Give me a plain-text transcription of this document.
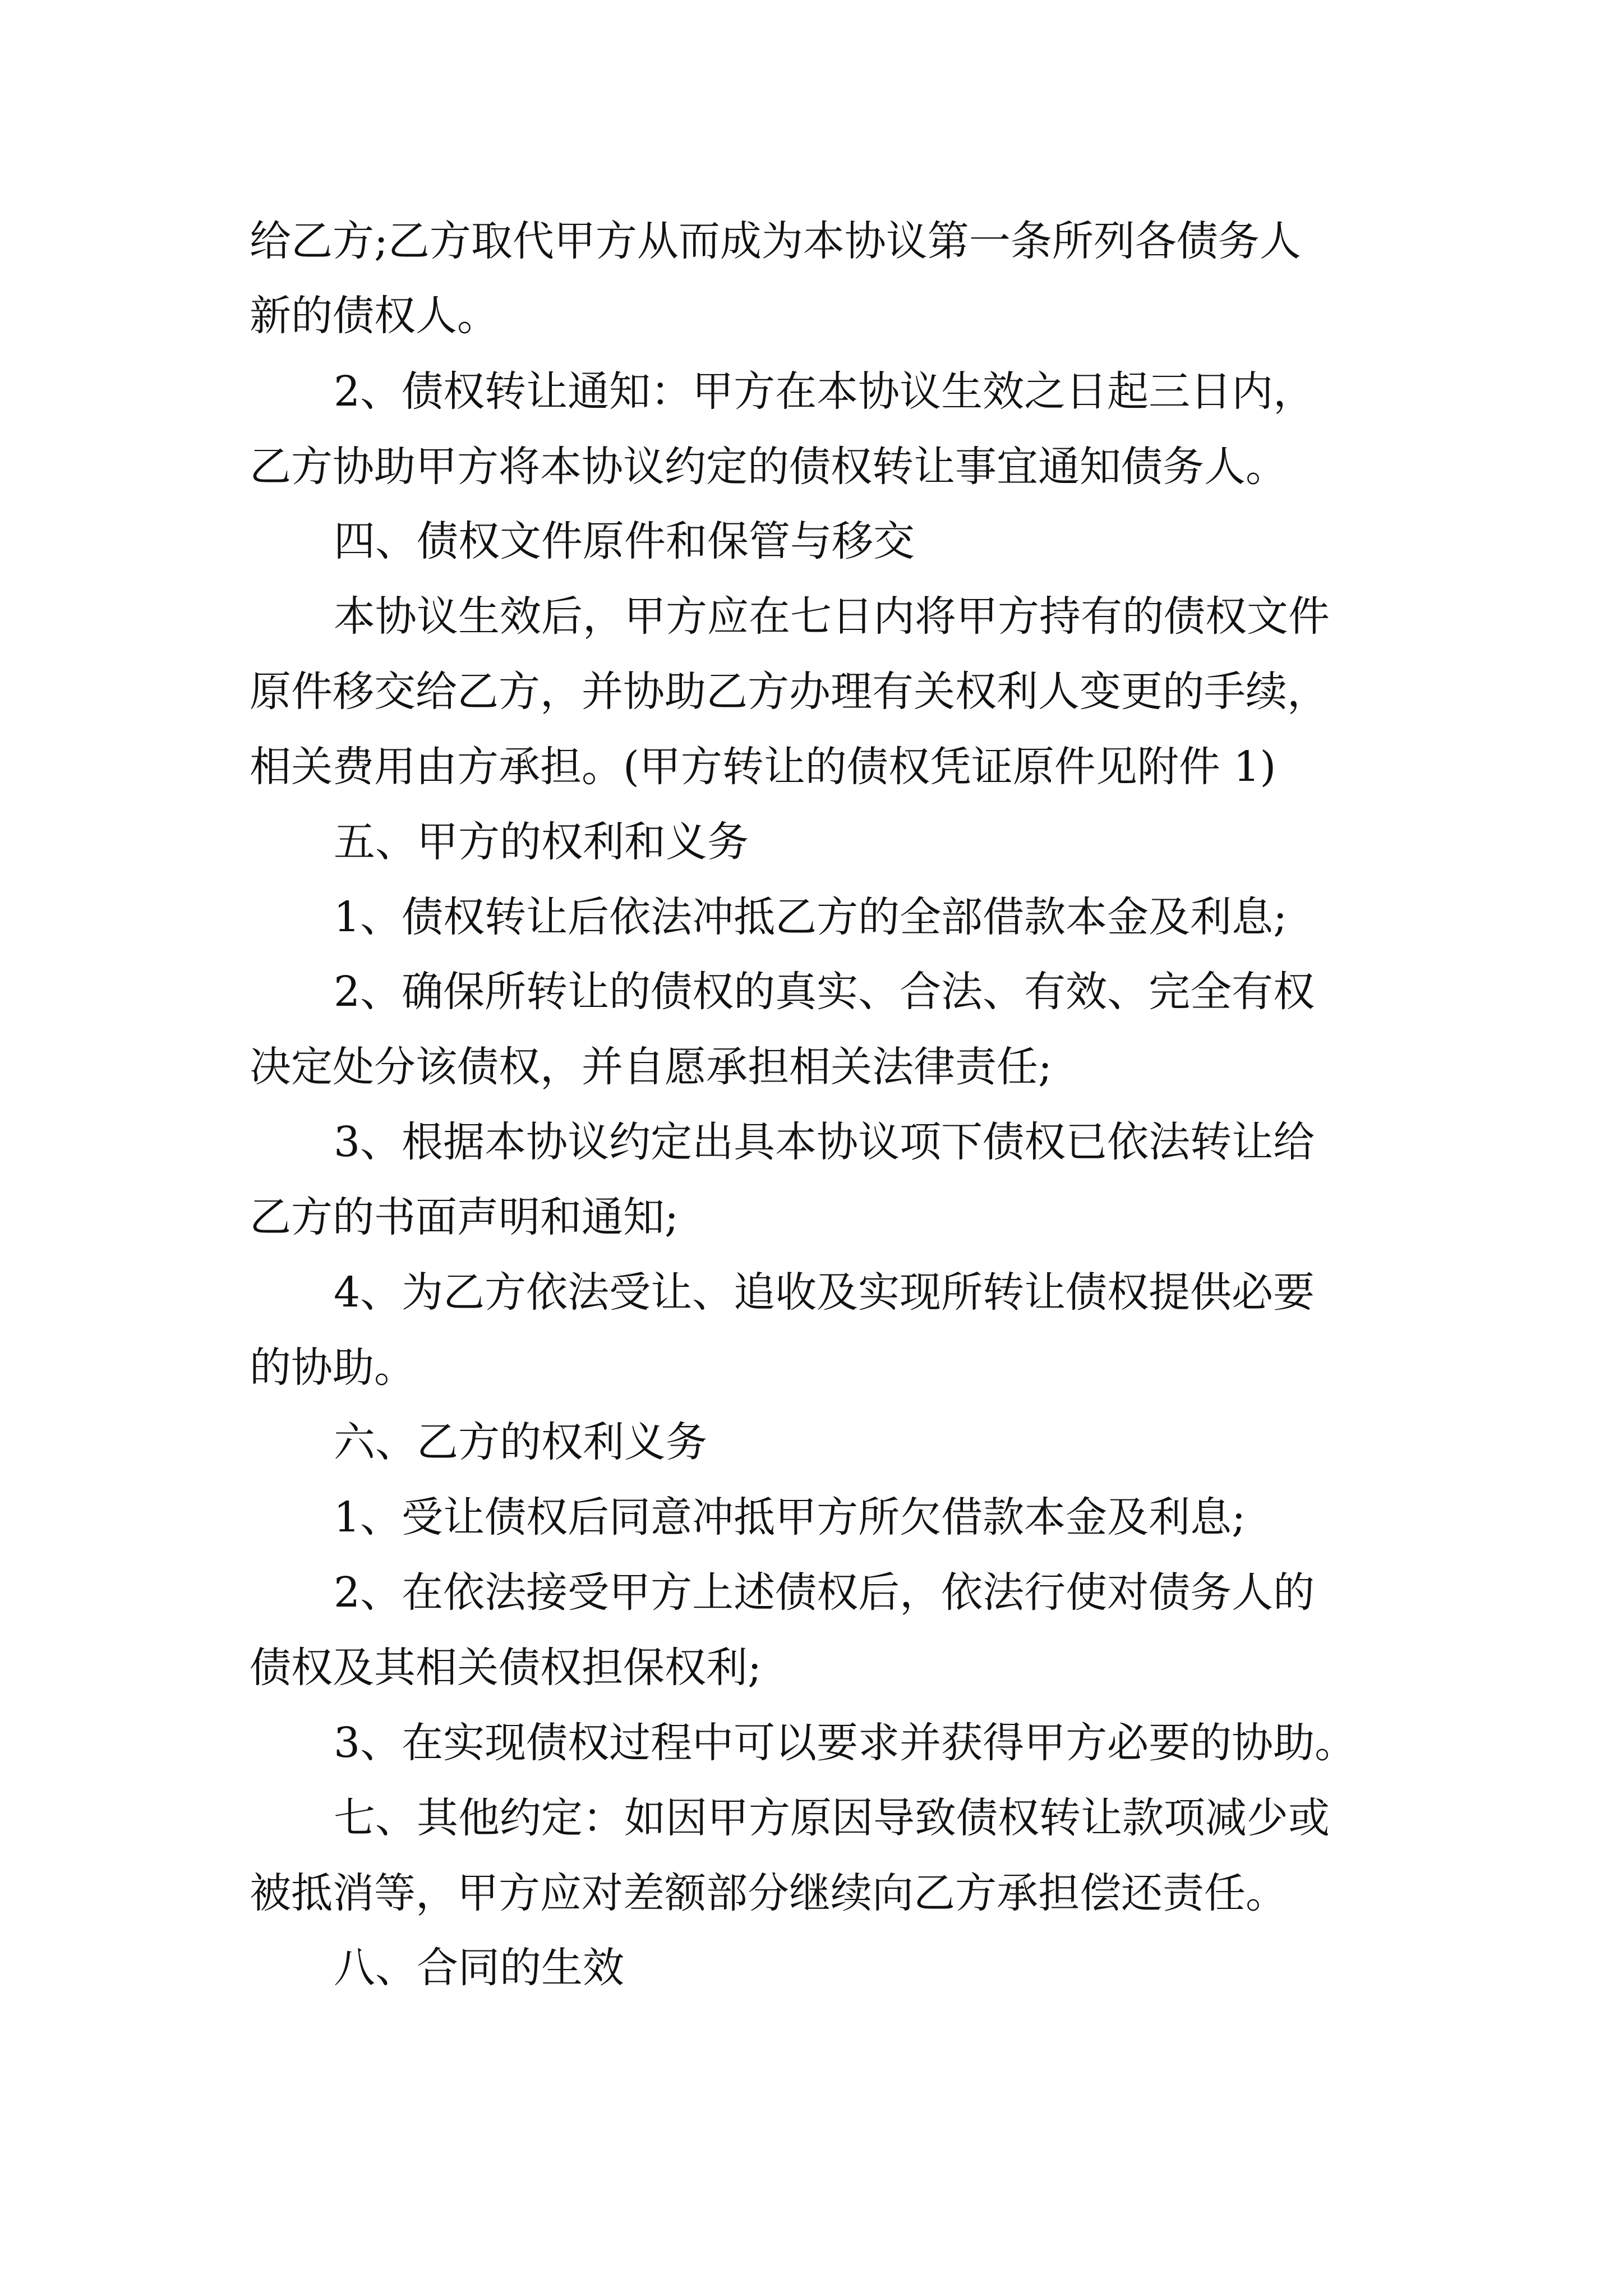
给乙方;乙方取代甲方从而成为本协议第一条所列各债务人
新的债权人。
2、债权转让通知：甲方在本协议生效之日起三日内，
乙方协助甲方将本协议约定的债权转让事宜通知债务人。
四、债权文件原件和保管与移交
本协议生效后，甲方应在七日内将甲方持有的债权文件
原件移交给乙方，并协助乙方办理有关权利人变更的手续，
相关费用由方承担。(甲方转让的债权凭证原件见附件 1)
五、甲方的权利和义务
1、债权转让后依法冲抵乙方的全部借款本金及利息;
2、确保所转让的债权的真实、合法、有效、完全有权
决定处分该债权，并自愿承担相关法律责任;
3、根据本协议约定出具本协议项下债权已依法转让给
乙方的书面声明和通知;
4、为乙方依法受让、追收及实现所转让债权提供必要
的协助。
六、乙方的权利义务
1、受让债权后同意冲抵甲方所欠借款本金及利息;
2、在依法接受甲方上述债权后，依法行使对债务人的
债权及其相关债权担保权利;
3、在实现债权过程中可以要求并获得甲方必要的协助。
七、其他约定：如因甲方原因导致债权转让款项减少或
被抵消等，甲方应对差额部分继续向乙方承担偿还责任。
八、合同的生效
